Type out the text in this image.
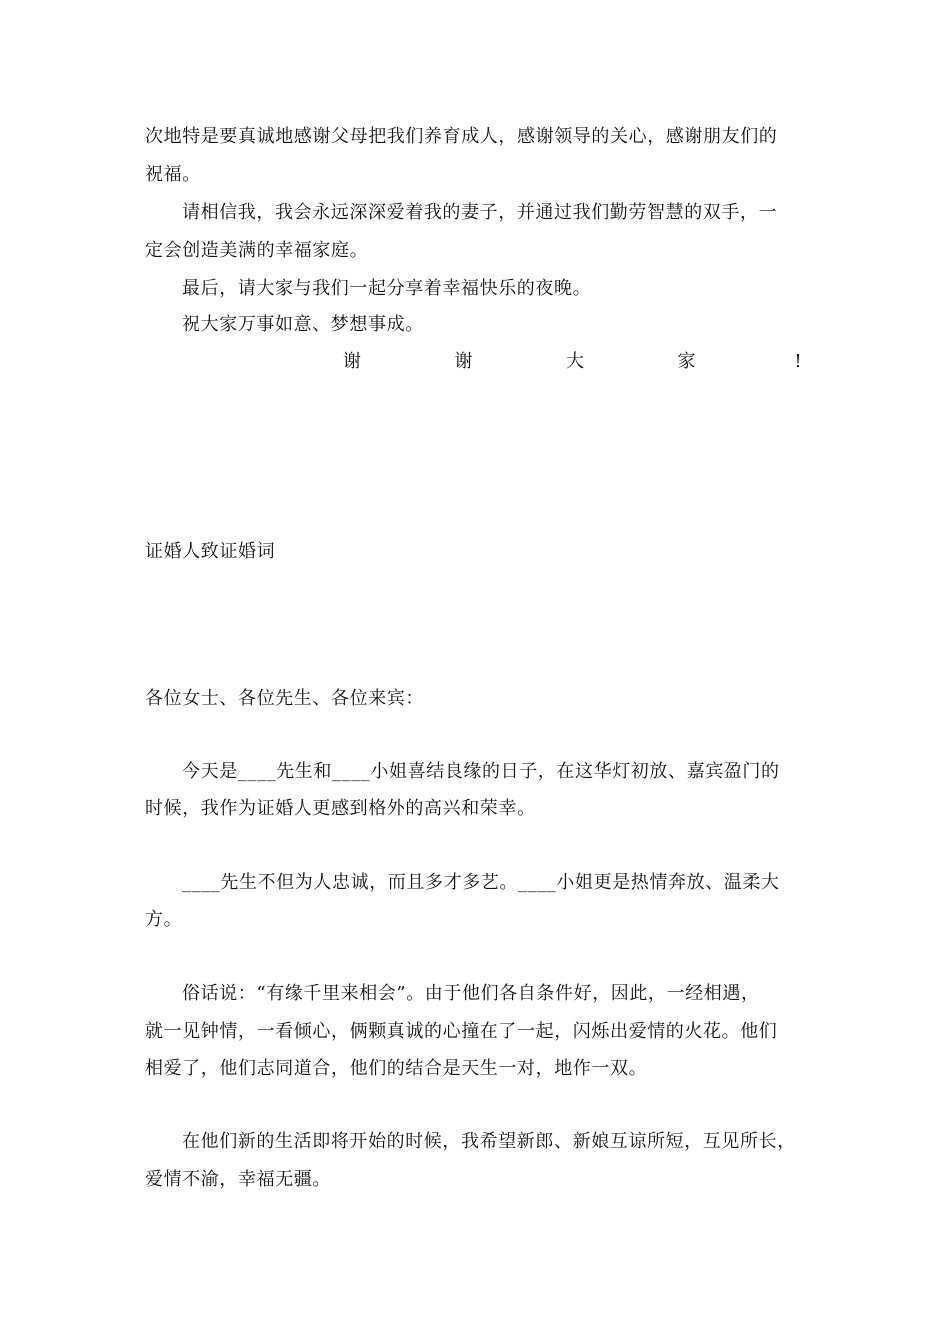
次地特是要真诚地感谢父母把我们养育成人，感谢领导的关心，感谢朋友们的
祝福。
请相信我，我会永远深深爱着我的妻子，并通过我们勤劳智慧的双手，一
定会创造美满的幸福家庭。
最后，请大家与我们一起分享着幸福快乐的夜晚。
祝大家万事如意、梦想事成。
谢	谢	大	家	!
证婚人致证婚词
各位女士、各位先生、各位来宾：
今天是____先生和____小姐喜结良缘的日子，在这华灯初放、嘉宾盈门的
时候，我作为证婚人更感到格外的高兴和荣幸。
____先生不但为人忠诚，而且多才多艺。____小姐更是热情奔放、温柔大
方。
俗话说：“有缘千里来相会”。由于他们各自条件好，因此，一经相遇，
就一见钟情，一看倾心，俩颗真诚的心撞在了一起，闪烁出爱情的火花。他们
相爱了，他们志同道合，他们的结合是天生一对，地作一双。
在他们新的生活即将开始的时候，我希望新郎、新娘互谅所短，互见所长，
爱情不渝，幸福无疆。
